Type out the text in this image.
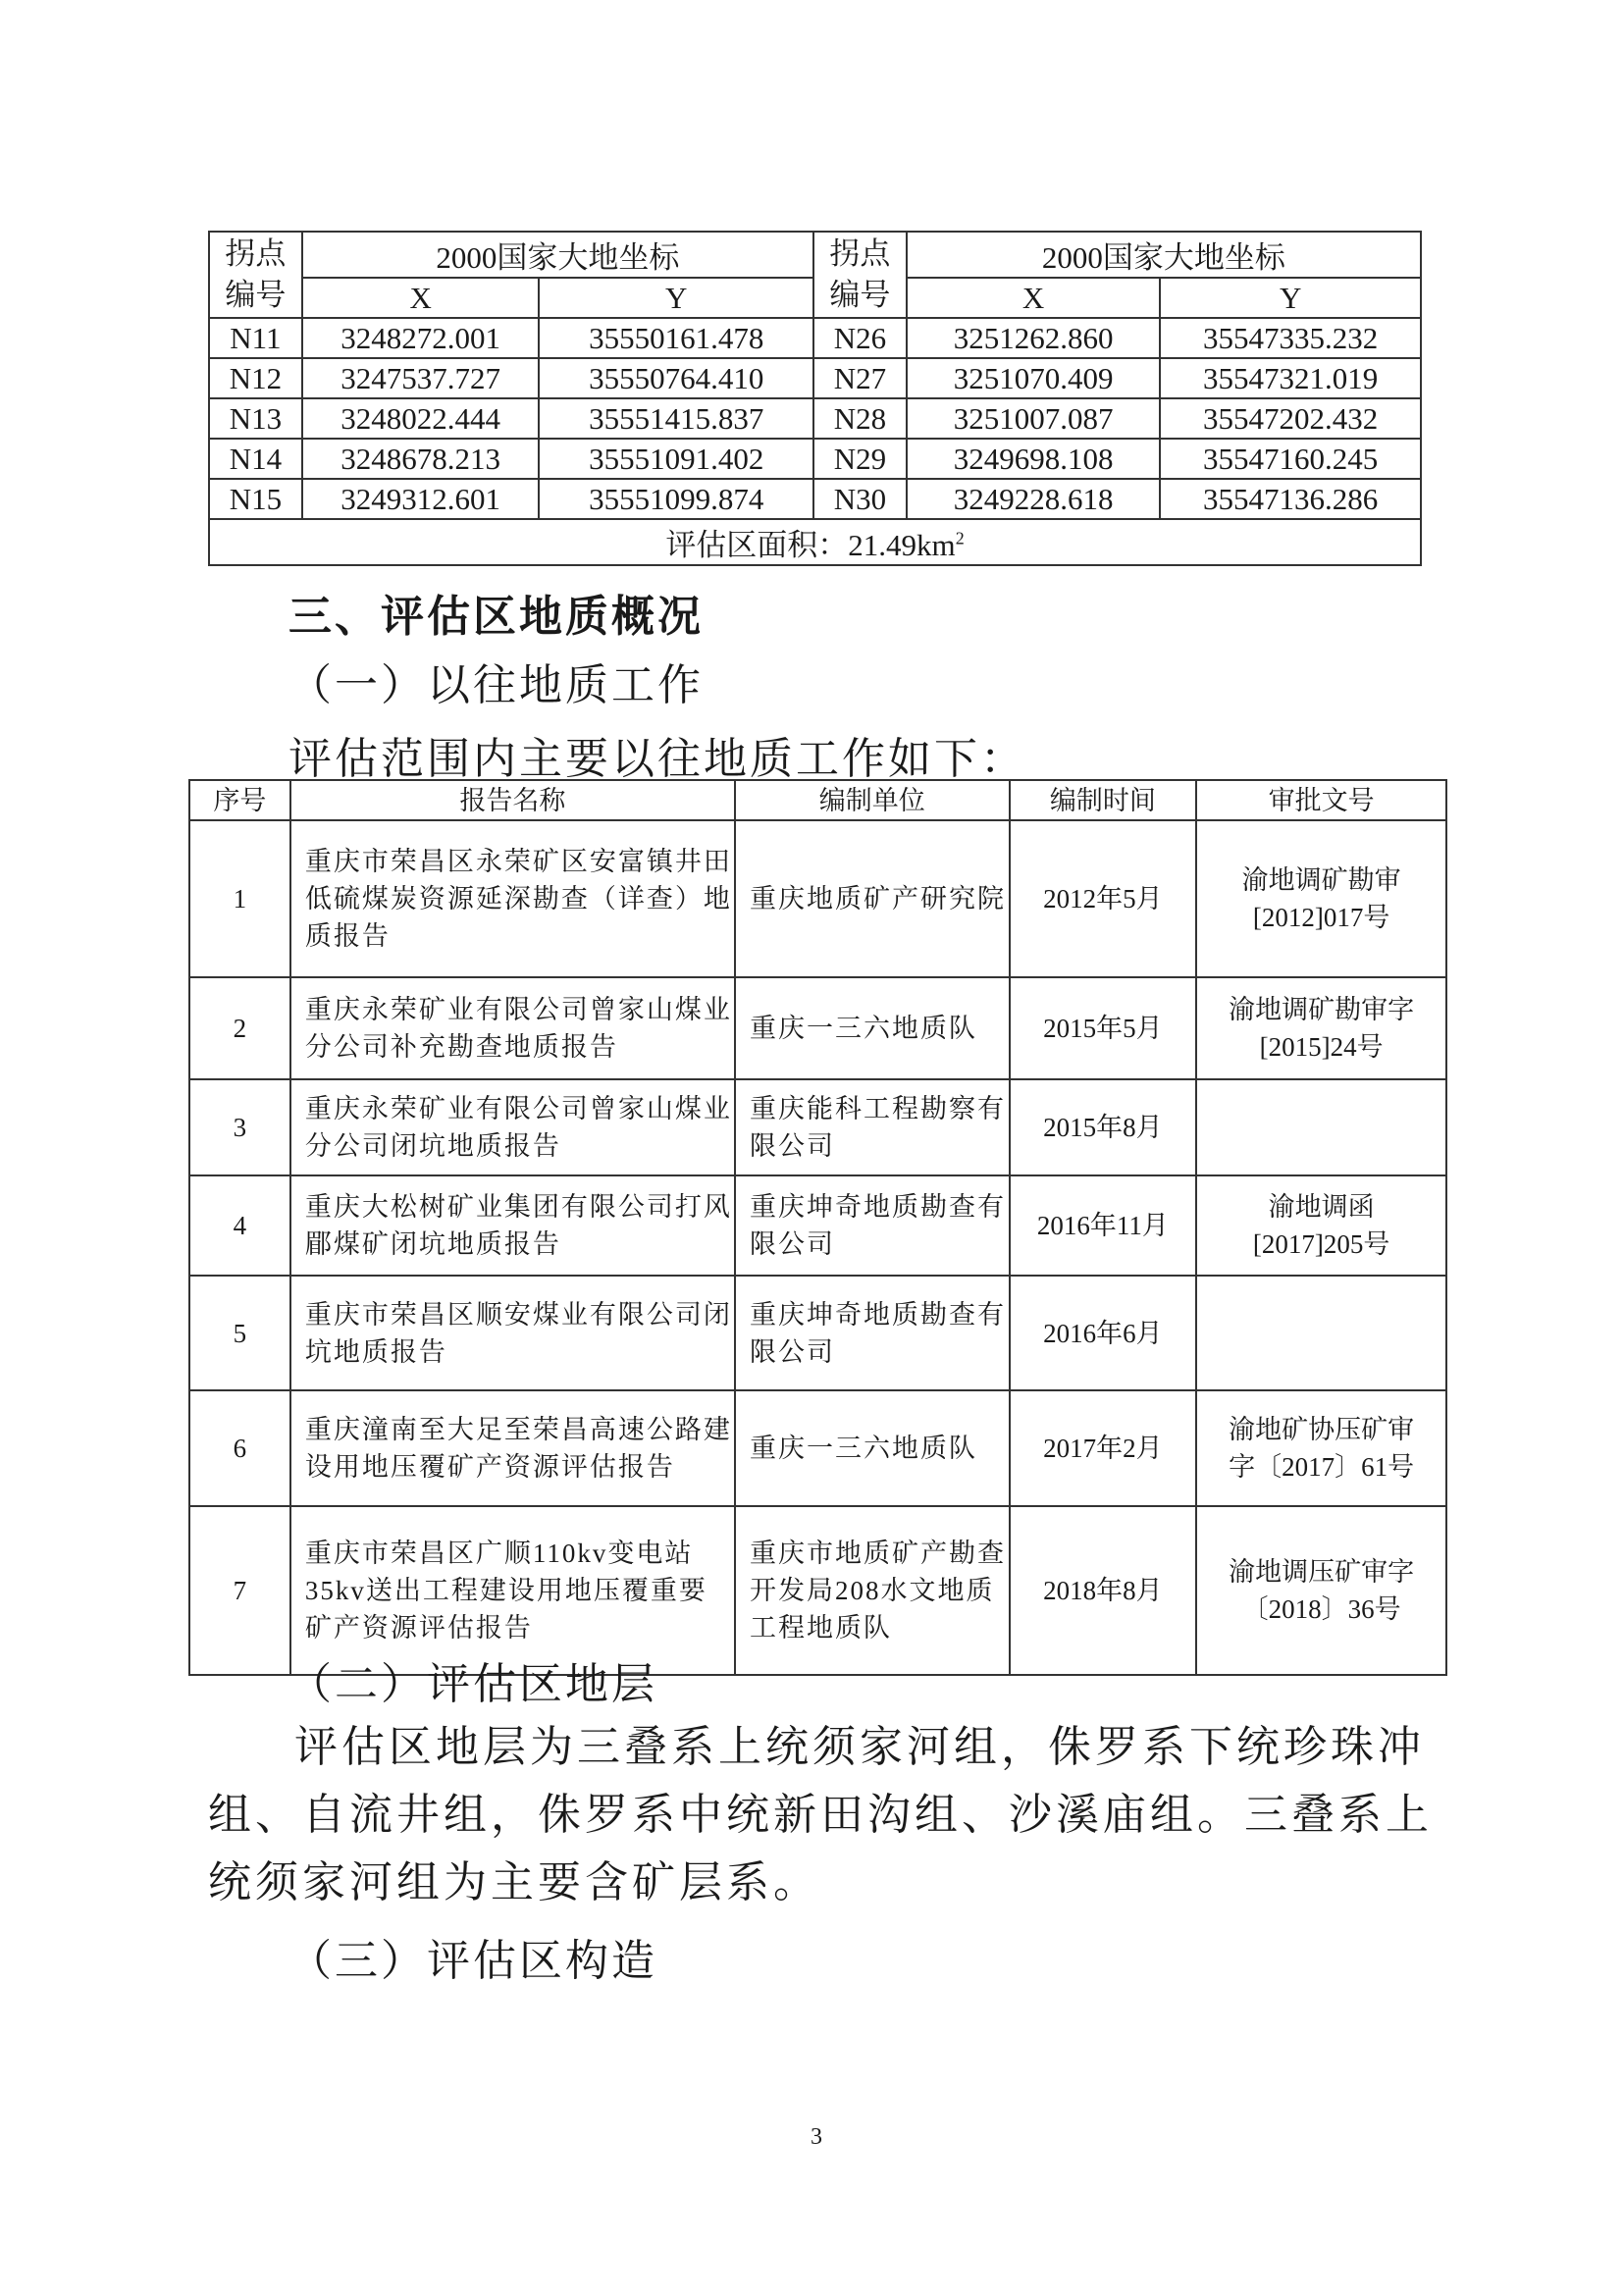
拐点编号	2000国家大地坐标		拐点编号	2000国家大地坐标	
	X	Y		X	Y
N11	3248272.001	35550161.478	N26	3251262.860	35547335.232
N12	3247537.727	35550764.410	N27	3251070.409	35547321.019
N13	3248022.444	35551415.837	N28	3251007.087	35547202.432
N14	3248678.213	35551091.402	N29	3249698.108	35547160.245
N15	3249312.601	35551099.874	N30	3249228.618	35547136.286
评估区面积：$21.49km^2$
三、评估区地质概况
（一）以往地质工作
评估范围内主要以往地质工作如下：
序号	报告名称	编制单位	编制时间	审批文号
1	重庆市荣昌区永荣矿区安富镇井田低硫煤炭资源延深勘查（详查）地质报告	重庆地质矿产研究院	2012年5月	渝地调矿勘审[2012]017号
2	重庆永荣矿业有限公司曾家山煤业分公司补充勘查地质报告	重庆一三六地质队	2015年5月	渝地调矿勘审字[2015]24号
3	重庆永荣矿业有限公司曾家山煤业分公司闭坑地质报告	重庆能科工程勘察有限公司	2015年8月	
4	重庆大松树矿业集团有限公司打风郿煤矿闭坑地质报告	重庆坤奇地质勘查有限公司	2016年11月	渝地调函[2017]205号
5	重庆市荣昌区顺安煤业有限公司闭坑地质报告	重庆坤奇地质勘查有限公司	2016年6月	
6	重庆潼南至大足至荣昌高速公路建设用地压覆矿产资源评估报告	重庆一三六地质队	2017年2月	渝地矿协压矿审字〔2017〕61号
7	重庆市荣昌区广顺110kv变电站35kv送出工程建设用地压覆重要矿产资源评估报告	重庆市地质矿产勘查开发局208水文地质工程地质队	2018年8月	渝地调压矿审字〔2018〕36号
（二）评估区地层
评估区地层为三叠系上统须家河组，侏罗系下统珍珠冲组、自流井组，侏罗系中统新田沟组、沙溪庙组。三叠系上统须家河组为主要含矿层系。
（三）评估区构造
3
